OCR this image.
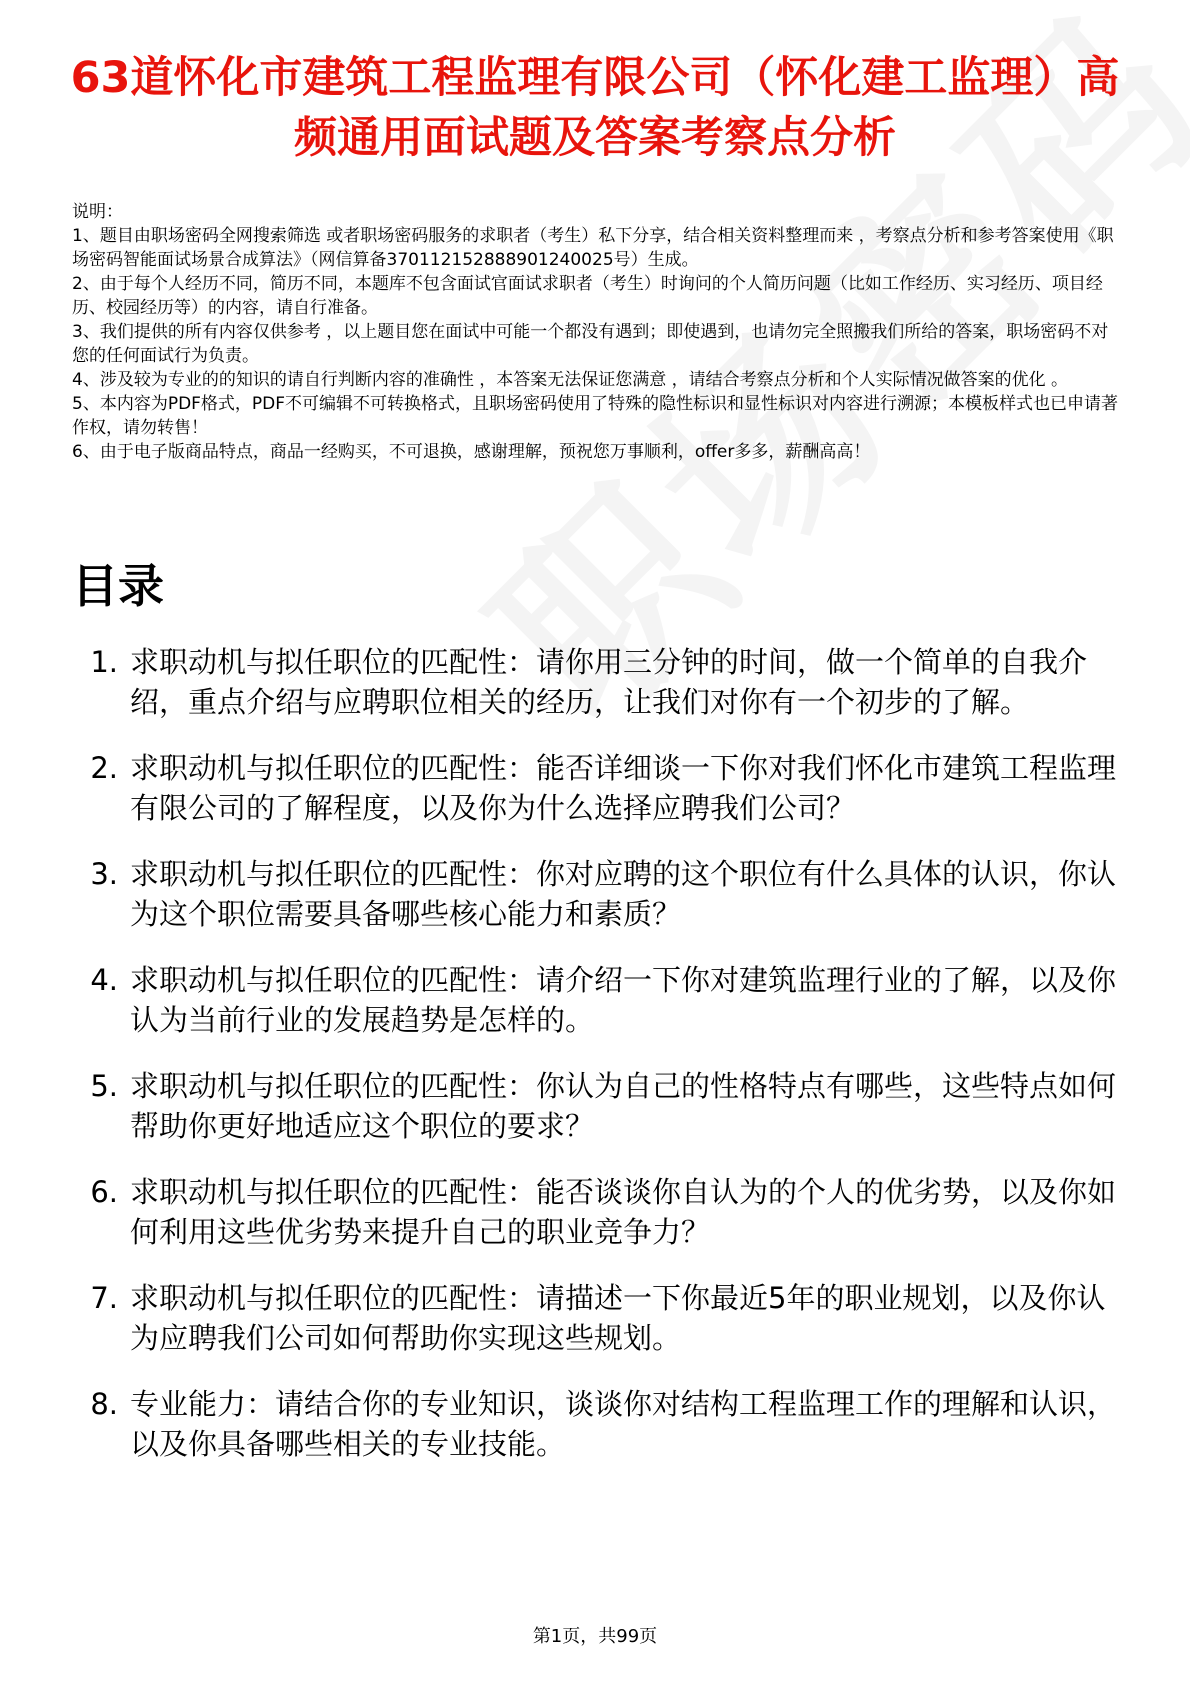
63道怀化市建筑工程监理有限公司（怀化建工监理）高频通用面试题及答案考察点分析

说明：

1、题目由职场密码全网搜索筛选 或者职场密码服务的求职者（考生）私下分享，结合相关资料整理而来 ，考察点分析和参考答案使用《职场密码智能面试场景合成算法》（网信算备370112152888901240025号）生成。

2、由于每个人经历不同，简历不同，本题库不包含面试官面试求职者（考生）时询问的个人简历问题（比如工作经历、实习经历、项目经历、校园经历等）的内容，请自行准备。

3、我们提供的所有内容仅供参考 ，以上题目您在面试中可能一个都没有遇到；即使遇到，也请勿完全照搬我们所给的答案，职场密码不对您的任何面试行为负责。

4、涉及较为专业的的知识的请自行判断内容的准确性 ，本答案无法保证您满意 ，请结合考察点分析和个人实际情况做答案的优化 。

5、本内容为PDF格式，PDF不可编辑不可转换格式，且职场密码使用了特殊的隐性标识和显性标识对内容进行溯源；本模板样式也已申请著作权，请勿转售！

6、由于电子版商品特点，商品一经购买，不可退换，感谢理解，预祝您万事顺利，offer多多，薪酬高高！

目录
1. 求职动机与拟任职位的匹配性：请你用三分钟的时间，做一个简单的自我介绍，重点介绍与应聘职位相关的经历，让我们对你有一个初步的了解。
2. 求职动机与拟任职位的匹配性：能否详细谈一下你对我们怀化市建筑工程监理有限公司的了解程度，以及你为什么选择应聘我们公司？
3. 求职动机与拟任职位的匹配性：你对应聘的这个职位有什么具体的认识，你认为这个职位需要具备哪些核心能力和素质？
4. 求职动机与拟任职位的匹配性：请介绍一下你对建筑监理行业的了解，以及你认为当前行业的发展趋势是怎样的。
5. 求职动机与拟任职位的匹配性：你认为自己的性格特点有哪些，这些特点如何帮助你更好地适应这个职位的要求？
6. 求职动机与拟任职位的匹配性：能否谈谈你自认为的个人的优劣势，以及你如何利用这些优劣势来提升自己的职业竞争力？
7. 求职动机与拟任职位的匹配性：请描述一下你最近5年的职业规划，以及你认为应聘我们公司如何帮助你实现这些规划。
8. 专业能力：请结合你的专业知识，谈谈你对结构工程监理工作的理解和认识，以及你具备哪些相关的专业技能。
第1页，共99页
